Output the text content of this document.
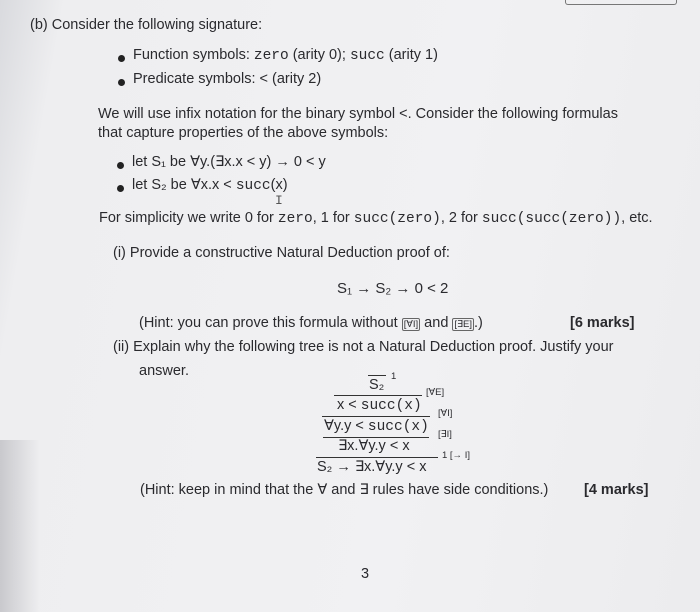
(b) Consider the following signature:
Function symbols: zero (arity 0); succ (arity 1)
Predicate symbols: < (arity 2)
We will use infix notation for the binary symbol <. Consider the following formulas
that capture properties of the above symbols:
let S₁ be ∀y.(∃x.x < y) → 0 < y
let S₂ be ∀x.x < succ(x)
I
For simplicity we write 0 for zero, 1 for succ(zero), 2 for succ(succ(zero)), etc.
(i) Provide a constructive Natural Deduction proof of:
S₁ → S₂ → 0 < 2
(Hint: you can prove this formula without [∀I] and [∃E] .)	[6 marks]
(ii) Explain why the following tree is not a Natural Deduction proof. Justify your
answer.
S₂
1
[∀E]
x < succ(x) [∀I]
∀y.y < succ(x) [∃I]
∃x.∀y.y < x
1 [→ I]
S₂ → ∃x.∀y.y < x
(Hint: keep in mind that the ∀ and ∃ rules have side conditions.) [4 marks]
3
